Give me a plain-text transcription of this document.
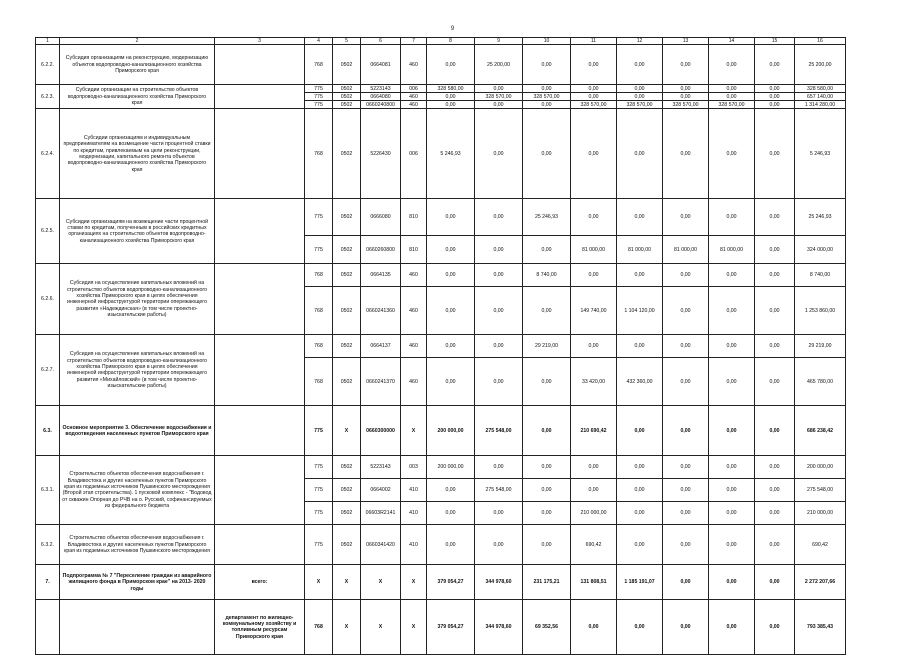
9
1	2	3	4	5	6	7	8	9	10	11	12	13	14	15	16
6.2.2.	Субсидия организациям на реконструкцию, модернизацию объектов водопроводно-канализационного хозяйства Приморского края		768	0502	0664081	460	0,00	25 200,00	0,00	0,00	0,00	0,00	0,00	0,00	25 200,00
6.2.3.	Субсидии организации на строительство объектов водопроводно-канализационного хозяйства Приморского края		775	0502	5223143	006	328 580,00	0,00	0,00	0,00	0,00	0,00	0,00	0,00	328 580,00
			775	0502	0664080	460	0,00	328 570,00	328 570,00	0,00	0,00	0,00	0,00	0,00	657 140,00
			775	0502	0660240800	460	0,00	0,00	0,00	328 570,00	328 570,00	328 570,00	328 570,00	0,00	1 314 280,00
6.2.4.	Субсидии организациям и индивидуальным предпринимателям на возмещение части процентной ставки по кредитам, привлекаемым на цели реконструкции, модернизации, капитального ремонта объектов водопроводно-канализационного хозяйства Приморского края		768	0502	5226430	006	5 246,93	0,00	0,00	0,00	0,00	0,00	0,00	0,00	5 246,93
6.2.5.	Субсидии организациям на возмещение части процентной ставки по кредитам, полученным в российских кредитных организациях на строительство объектов водопроводно-канализационного хозяйства Приморского края		775	0502	0666080	810	0,00	0,00	25 246,93	0,00	0,00	0,00	0,00	0,00	25 246,93
			775	0502	0660260800	810	0,00	0,00	0,00	81 000,00	81 000,00	81 000,00	81 000,00	0,00	324 000,00
6.2.6.	Субсидия на осуществление капитальных вложений на строительство объектов водопроводно-канализационного хозяйства Приморского края в целях обеспечения инженерной инфраструктурой территории опережающего развития «Надеждинская» (в том числе проектно-изыскательские работы)		768	0502	0664135	460	0,00	0,00	8 740,00	0,00	0,00	0,00	0,00	0,00	8 740,00
			768	0502	0660241360	460	0,00	0,00	0,00	149 740,00	1 104 120,00	0,00	0,00	0,00	1 253 860,00
6.2.7.	Субсидия на осуществление капитальных вложений на строительство объектов водопроводно-канализационного хозяйства Приморского края в целях обеспечения инженерной инфраструктурой территории опережающего развития «Михайловский» (в том числе проектно-изыскательские работы)		768	0502	0664137	460	0,00	0,00	29 219,00	0,00	0,00	0,00	0,00	0,00	29 219,00
			768	0502	0660241370	460	0,00	0,00	0,00	33 420,00	432 360,00	0,00	0,00	0,00	465 780,00
6.3.	Основное мероприятие 3. Обеспечение водоснабжения и водоотведения населенных пунктов Приморского края		775	Х	0660300000	Х	200 000,00	275 548,00	0,00	210 690,42	0,00	0,00	0,00	0,00	686 238,42
6.3.1.	Строительство объектов обеспечения водоснабжения г. Владивостока и других населенных пунктов Приморского края из подземных источников Пушкинского месторождения (Второй этап строительства). 1 пусковой комплекс - "Водовод от скважин Опорная до РЧВ на о. Русский, софинансируемых из федерального бюджета		775	0502	5223143	003	200 000,00	0,00	0,00	0,00	0,00	0,00	0,00	0,00	200 000,00
			775	0502	0664002	410	0,00	275 548,00	0,00	0,00	0,00	0,00	0,00	0,00	275 548,00
			775	0502	06603R2141	410	0,00	0,00	0,00	210 000,00	0,00	0,00	0,00	0,00	210 000,00
6.3.2.	Строительство объектов обеспечения водоснабжения г. Владивостока и других населенных пунктов Приморского края из подземных источников Пушкинского месторождения		775	0502	0660341420	410	0,00	0,00	0,00	690,42	0,00	0,00	0,00	0,00	690,42
7.	Подпрограмма № 7 "Переселение граждан из аварийного жилищного фонда в Приморском крае" на 2013- 2020 годы	всего:	Х	Х	Х	Х	379 054,27	344 978,60	231 175,21	131 808,51	1 185 191,07	0,00	0,00	0,00	2 272 207,66
		департамент по жилищно-коммунальному хозяйству и топливным ресурсам Приморского края	768	Х	Х	Х	379 054,27	344 978,60	69 352,56	0,00	0,00	0,00	0,00	0,00	793 385,43
